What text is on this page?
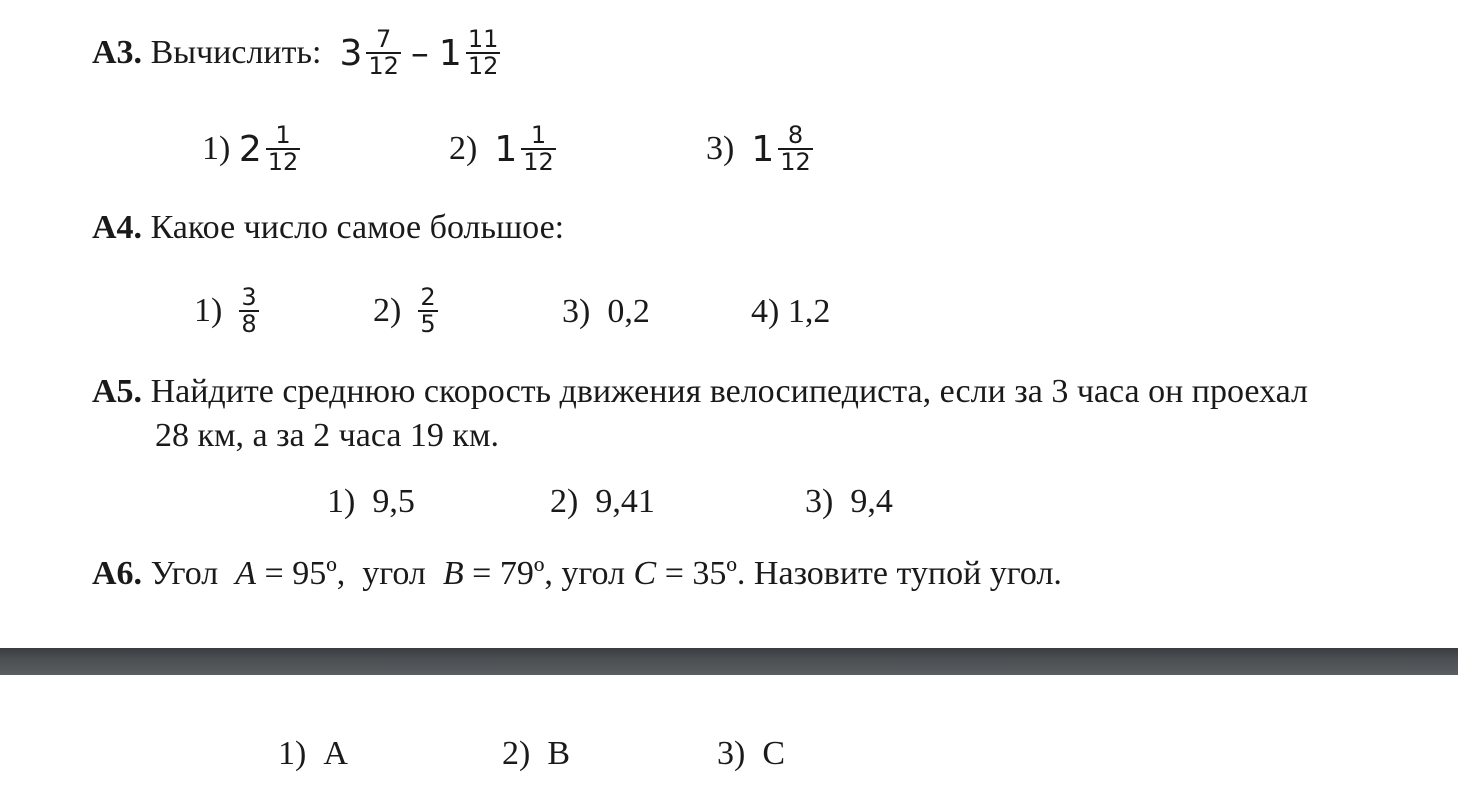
А3.
Вычислить: $3 \frac{7}{12} - 1 \frac{11}{12}$
1)
$2 \frac{1}{12}$	2)
$1 \frac{1}{12}$	3)
$1 \frac{8}{12}$
А4. Какое число самое большое:
1)
$\frac{3}{8}$	2)
$\frac{2}{5}$	3) 0,2	4) 1,2
А5. Найдите среднюю скорость движения велосипедиста, если за 3 часа он проехал
28 км, а за 2 часа 19 км.
1) 9,5	2) 9,41	3) 9,4
А6. Угол А = 95º,  угол В = 79º, угол С = 35º. Назовите тупой угол.
1) А	2) В	3) С
